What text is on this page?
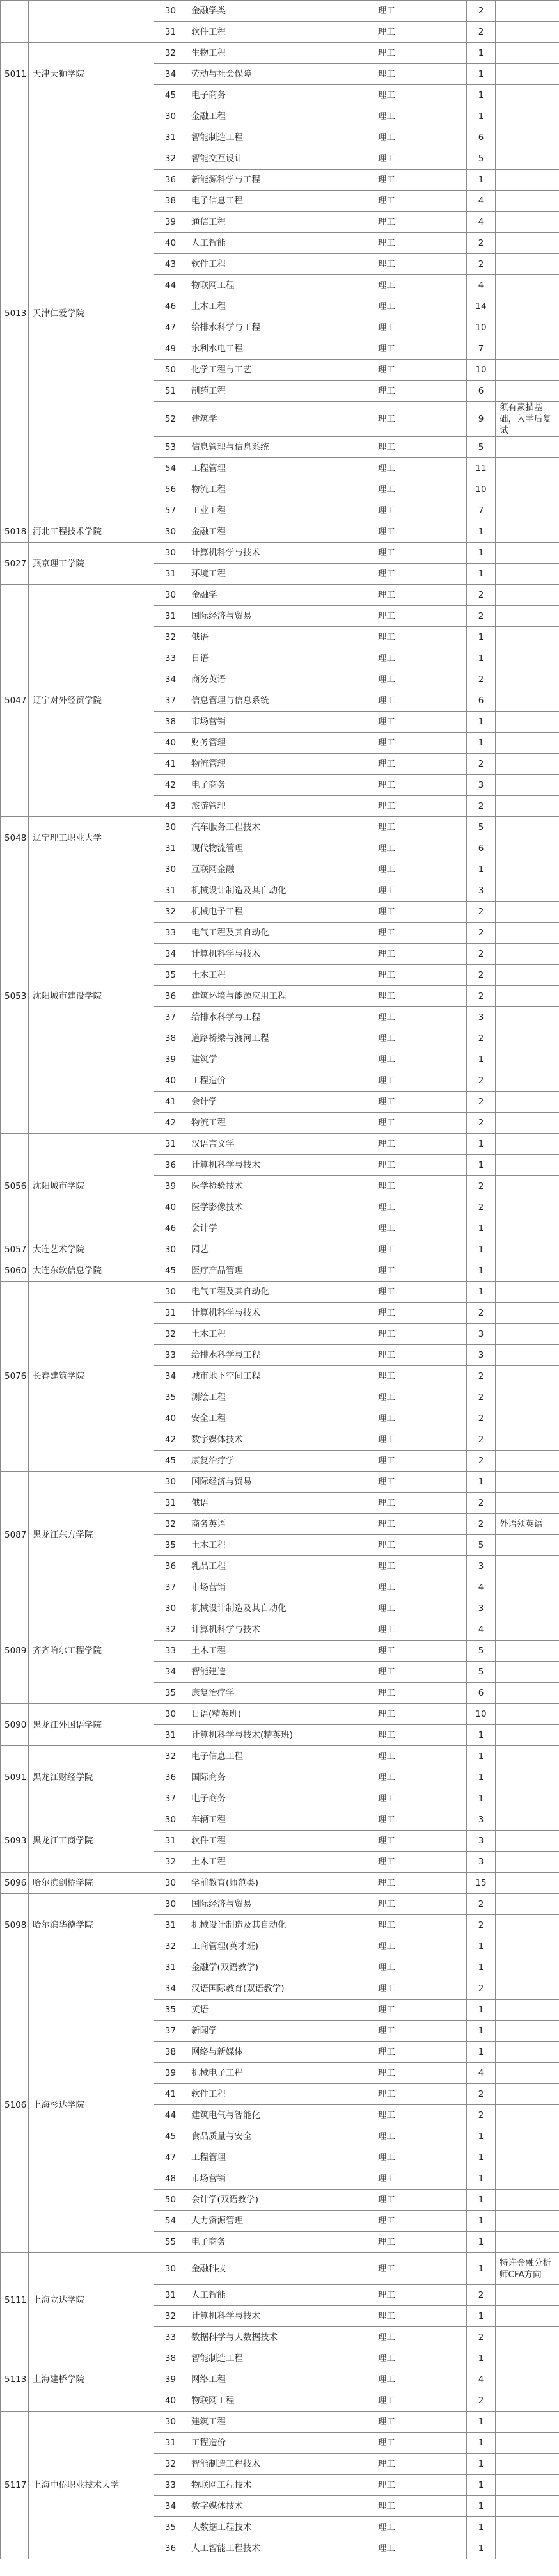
		30	金融学类	理工	2	
		31	软件工程	理工	2	
5011	天津天狮学院	32	生物工程	理工	1	
		34	劳动与社会保障	理工	1	
		45	电子商务	理工	1	
5013	天津仁爱学院	30	金融工程	理工	1	
		31	智能制造工程	理工	6	
		32	智能交互设计	理工	5	
		36	新能源科学与工程	理工	1	
		38	电子信息工程	理工	4	
		39	通信工程	理工	4	
		40	人工智能	理工	2	
		43	软件工程	理工	2	
		44	物联网工程	理工	4	
		46	土木工程	理工	14	
		47	给排水科学与工程	理工	10	
		49	水利水电工程	理工	7	
		50	化学工程与工艺	理工	10	
		51	制药工程	理工	6	
		52	建筑学	理工	9	须有素描基础，入学后复试
		53	信息管理与信息系统	理工	5	
		54	工程管理	理工	11	
		56	物流工程	理工	10	
		57	工业工程	理工	7	
5018	河北工程技术学院	30	金融工程	理工	1	
5027	燕京理工学院	30	计算机科学与技术	理工	1	
		31	环境工程	理工	1	
5047	辽宁对外经贸学院	30	金融学	理工	2	
		31	国际经济与贸易	理工	2	
		32	俄语	理工	1	
		33	日语	理工	1	
		34	商务英语	理工	2	
		37	信息管理与信息系统	理工	6	
		38	市场营销	理工	1	
		40	财务管理	理工	1	
		41	物流管理	理工	2	
		42	电子商务	理工	3	
		43	旅游管理	理工	2	
5048	辽宁理工职业大学	30	汽车服务工程技术	理工	5	
		31	现代物流管理	理工	6	
5053	沈阳城市建设学院	30	互联网金融	理工	1	
		31	机械设计制造及其自动化	理工	3	
		32	机械电子工程	理工	2	
		33	电气工程及其自动化	理工	2	
		34	计算机科学与技术	理工	2	
		35	土木工程	理工	2	
		36	建筑环境与能源应用工程	理工	2	
		37	给排水科学与工程	理工	3	
		38	道路桥梁与渡河工程	理工	2	
		39	建筑学	理工	1	
		40	工程造价	理工	2	
		41	会计学	理工	2	
		42	物流工程	理工	2	
5056	沈阳城市学院	31	汉语言文学	理工	1	
		36	计算机科学与技术	理工	1	
		39	医学检验技术	理工	2	
		40	医学影像技术	理工	2	
		46	会计学	理工	1	
5057	大连艺术学院	30	园艺	理工	1	
5060	大连东软信息学院	45	医疗产品管理	理工	1	
5076	长春建筑学院	30	电气工程及其自动化	理工	1	
		31	计算机科学与技术	理工	2	
		32	土木工程	理工	3	
		33	给排水科学与工程	理工	3	
		34	城市地下空间工程	理工	2	
		35	测绘工程	理工	2	
		40	安全工程	理工	2	
		42	数字媒体技术	理工	2	
		45	康复治疗学	理工	2	
5087	黑龙江东方学院	30	国际经济与贸易	理工	1	
		31	俄语	理工	2	
		32	商务英语	理工	2	外语须英语
		35	土木工程	理工	5	
		36	乳品工程	理工	3	
		37	市场营销	理工	4	
5089	齐齐哈尔工程学院	30	机械设计制造及其自动化	理工	3	
		32	计算机科学与技术	理工	4	
		33	土木工程	理工	5	
		34	智能建造	理工	5	
		35	康复治疗学	理工	6	
5090	黑龙江外国语学院	30	日语(精英班)	理工	10	
		31	计算机科学与技术(精英班)	理工	1	
5091	黑龙江财经学院	32	电子信息工程	理工	1	
		36	国际商务	理工	1	
		37	电子商务	理工	1	
5093	黑龙江工商学院	30	车辆工程	理工	3	
		31	软件工程	理工	3	
		32	土木工程	理工	3	
5096	哈尔滨剑桥学院	30	学前教育(师范类)	理工	15	
5098	哈尔滨华德学院	30	国际经济与贸易	理工	2	
		31	机械设计制造及其自动化	理工	2	
		32	工商管理(英才班)	理工	1	
5106	上海杉达学院	31	金融学(双语教学)	理工	1	
		34	汉语国际教育(双语教学)	理工	2	
		35	英语	理工	1	
		37	新闻学	理工	1	
		38	网络与新媒体	理工	1	
		39	机械电子工程	理工	4	
		41	软件工程	理工	2	
		44	建筑电气与智能化	理工	2	
		45	食品质量与安全	理工	1	
		47	工程管理	理工	1	
		48	市场营销	理工	1	
		50	会计学(双语教学)	理工	1	
		54	人力资源管理	理工	1	
		55	电子商务	理工	1	
5111	上海立达学院	30	金融科技	理工	1	特许金融分析师CFA方向
		31	人工智能	理工	2	
		32	计算机科学与技术	理工	1	
		33	数据科学与大数据技术	理工	2	
5113	上海建桥学院	38	智能制造工程	理工	1	
		39	网络工程	理工	4	
		40	物联网工程	理工	2	
5117	上海中侨职业技术大学	30	建筑工程	理工	1	
		31	工程造价	理工	1	
		32	智能制造工程技术	理工	1	
		33	物联网工程技术	理工	1	
		34	数字媒体技术	理工	1	
		35	大数据工程技术	理工	1	
		36	人工智能工程技术	理工	1	
